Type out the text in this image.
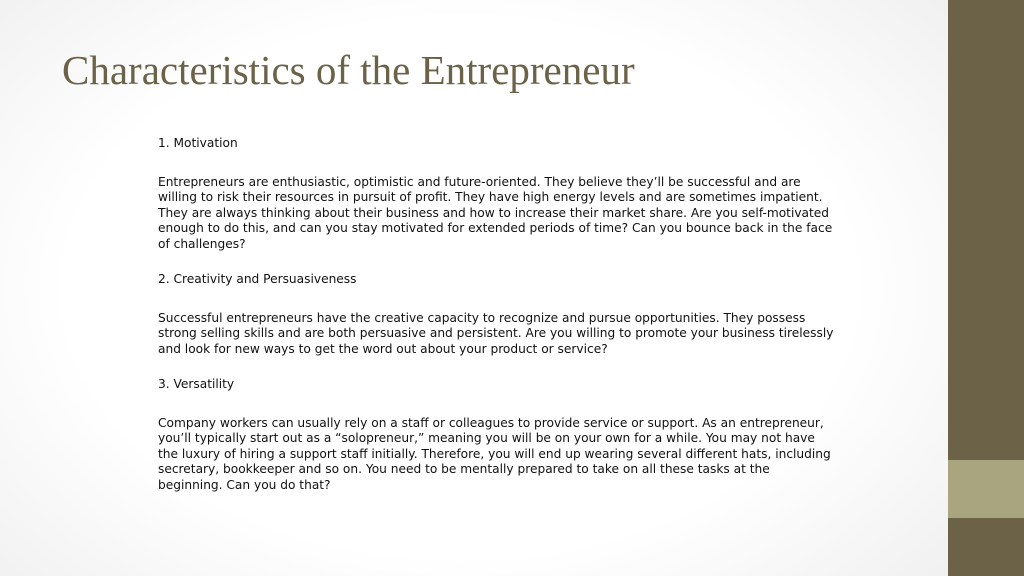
Characteristics of the Entrepreneur

1. Motivation

Entrepreneurs are enthusiastic, optimistic and future-oriented. They believe they’ll be successful and are willing to risk their resources in pursuit of profit. They have high energy levels and are sometimes impatient. They are always thinking about their business and how to increase their market share. Are you self-motivated enough to do this, and can you stay motivated for extended periods of time? Can you bounce back in the face of challenges?

2. Creativity and Persuasiveness

Successful entrepreneurs have the creative capacity to recognize and pursue opportunities. They possess strong selling skills and are both persuasive and persistent. Are you willing to promote your business tirelessly and look for new ways to get the word out about your product or service?

3. Versatility

Company workers can usually rely on a staff or colleagues to provide service or support. As an entrepreneur, you’ll typically start out as a “solopreneur,” meaning you will be on your own for a while. You may not have the luxury of hiring a support staff initially. Therefore, you will end up wearing several different hats, including secretary, bookkeeper and so on. You need to be mentally prepared to take on all these tasks at the beginning. Can you do that?
